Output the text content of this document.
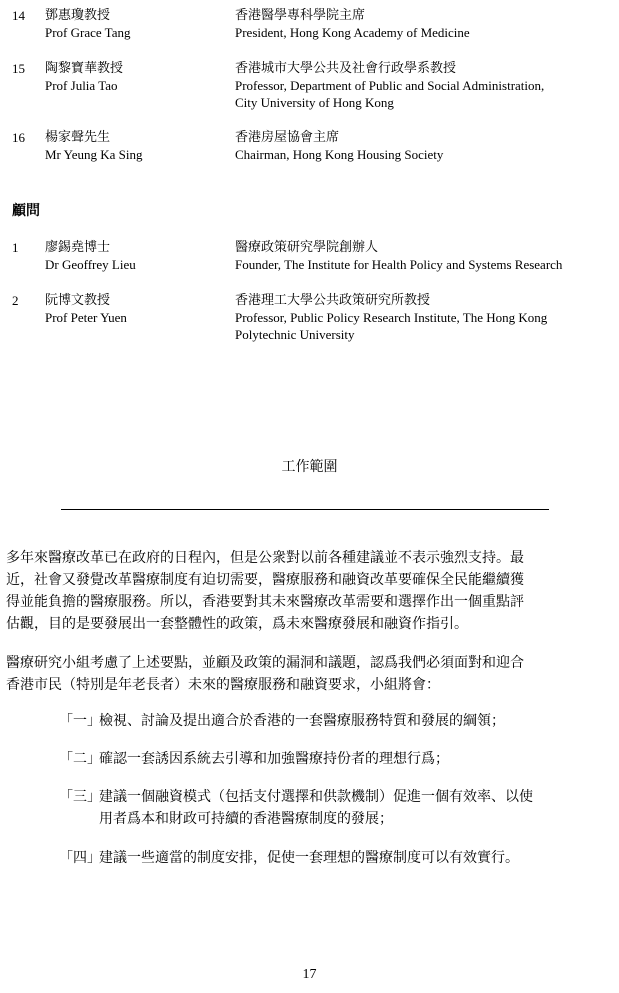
14 鄧惠瓊教授
Prof Grace Tang
香港醫學專科學院主席
President, Hong Kong Academy of Medicine
15 陶黎寶華教授
Prof Julia Tao
香港城市大學公共及社會行政學系教授
Professor, Department of Public and Social Administration,
City University of Hong Kong
16 楊家聲先生
Mr Yeung Ka Sing
香港房屋協會主席
Chairman, Hong Kong Housing Society
顧問
1 廖錫堯博士
Dr Geoffrey Lieu
醫療政策研究學院創辦人
Founder, The Institute for Health Policy and Systems Research
2 阮博文教授
Prof Peter Yuen
香港理工大學公共政策研究所教授
Professor, Public Policy Research Institute, The Hong Kong
Polytechnic University
工作範圍
多年來醫療改革已在政府的日程內，但是公衆對以前各種建議並不表示強烈支持。最
近，社會又發覺改革醫療制度有迫切需要，醫療服務和融資改革要確保全民能繼續獲
得並能負擔的醫療服務。所以，香港要對其未來醫療改革需要和選擇作出一個重點評
估觀，目的是要發展出一套整體性的政策，爲未來醫療發展和融資作指引。
醫療研究小組考慮了上述要點，並顧及政策的漏洞和議題，認爲我們必須面對和迎合
香港市民（特別是年老長者）未來的醫療服務和融資要求，小組將會：
「一」檢視、討論及提出適合於香港的一套醫療服務特質和發展的綱領；
「二」確認一套誘因系統去引導和加強醫療持份者的理想行爲；
「三」建議一個融資模式（包括支付選擇和供款機制）促進一個有效率、以使
用者爲本和財政可持續的香港醫療制度的發展；
「四」建議一些適當的制度安排，促使一套理想的醫療制度可以有效實行。
17
